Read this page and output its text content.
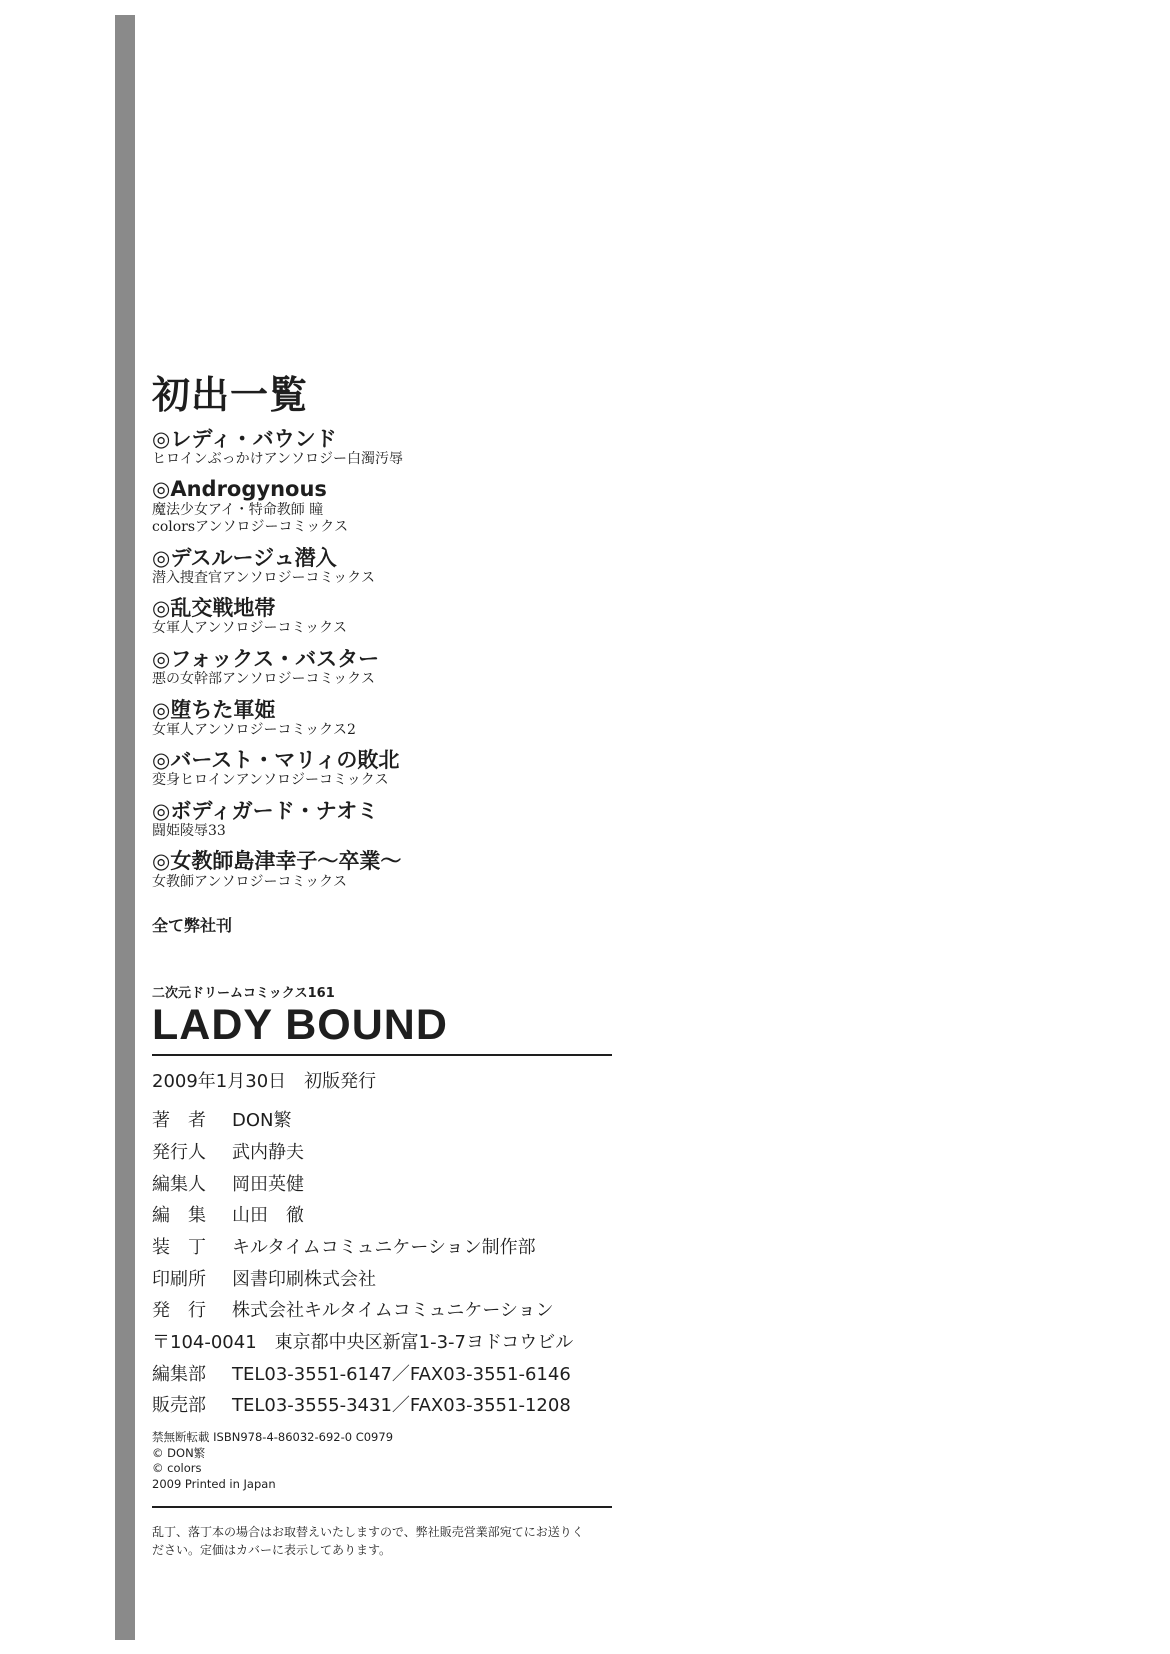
初出一覧
◎ レディ・バウンド
ヒロインぶっかけアンソロジー白濁汚辱
◎ Androgynous
魔法少女アイ・特命教師 瞳
colorsアンソロジーコミックス
◎ デスルージュ潜入
潜入捜査官アンソロジーコミックス
◎ 乱交戦地帯
女軍人アンソロジーコミックス
◎ フォックス・バスター
悪の女幹部アンソロジーコミックス
◎ 堕ちた軍姫
女軍人アンソロジーコミックス2
◎ バースト・マリィの敗北
変身ヒロインアンソロジーコミックス
◎ ボディガード・ナオミ
闘姫陵辱33
◎ 女教師島津幸子～卒業～
女教師アンソロジーコミックス
全て弊社刊
二次元ドリームコミックス161
LADY BOUND
2009年1月30日　初版発行
著　者	DON繁
発行人	武内静夫
編集人	岡田英健
編　集	山田　徹
装　丁	キルタイムコミュニケーション制作部
印刷所	図書印刷株式会社
発　行	株式会社キルタイムコミュニケーション
〒104-0041　東京都中央区新富1-3-7ヨドコウビル
編集部	TEL03-3551-6147／FAX03-3551-6146
販売部	TEL03-3555-3431／FAX03-3551-1208
禁無断転載 ISBN978-4-86032-692-0 C0979
© DON繁
© colors
2009 Printed in Japan
乱丁、落丁本の場合はお取替えいたしますので、弊社販売営業部宛てにお送りください。定価はカバーに表示してあります。
